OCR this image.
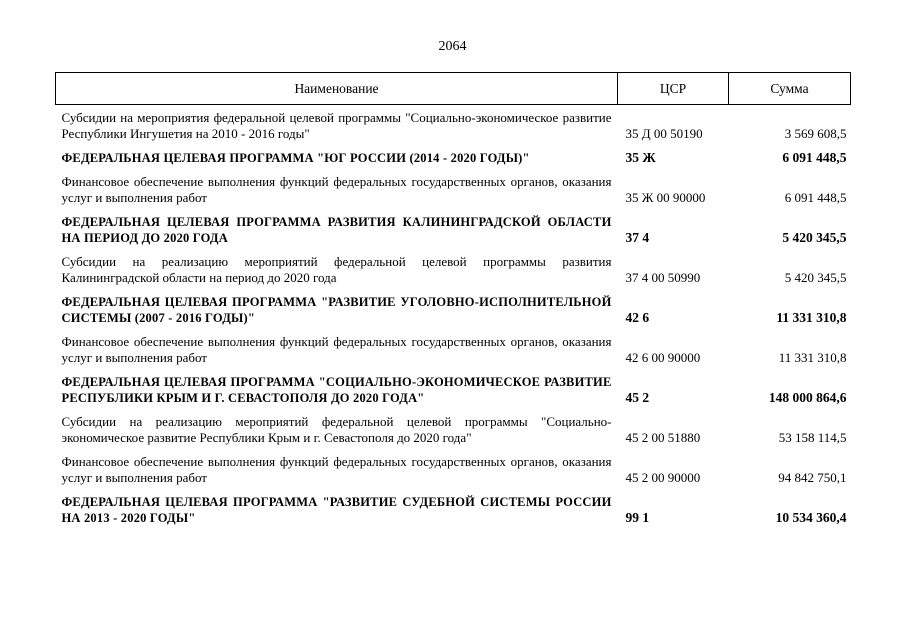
2064
Наименование	ЦСР	Сумма
Субсидии на мероприятия федеральной целевой программы "Социально-экономическое развитие Республики Ингушетия на 2010 - 2016 годы"	35 Д 00 50190	3 569 608,5
ФЕДЕРАЛЬНАЯ ЦЕЛЕВАЯ ПРОГРАММА "ЮГ РОССИИ (2014 - 2020 ГОДЫ)"	35 Ж	6 091 448,5
Финансовое обеспечение выполнения функций федеральных государственных органов, оказания услуг и выполнения работ	35 Ж 00 90000	6 091 448,5
ФЕДЕРАЛЬНАЯ ЦЕЛЕВАЯ ПРОГРАММА РАЗВИТИЯ КАЛИНИНГРАДСКОЙ ОБЛАСТИ НА ПЕРИОД ДО 2020 ГОДА	37 4	5 420 345,5
Субсидии на реализацию мероприятий федеральной целевой программы развития Калининградской области на период до 2020 года	37 4 00 50990	5 420 345,5
ФЕДЕРАЛЬНАЯ ЦЕЛЕВАЯ ПРОГРАММА "РАЗВИТИЕ УГОЛОВНО-ИСПОЛНИТЕЛЬНОЙ СИСТЕМЫ (2007 - 2016 ГОДЫ)"	42 6	11 331 310,8
Финансовое обеспечение выполнения функций федеральных государственных органов, оказания услуг и выполнения работ	42 6 00 90000	11 331 310,8
ФЕДЕРАЛЬНАЯ ЦЕЛЕВАЯ ПРОГРАММА "СОЦИАЛЬНО-ЭКОНОМИЧЕСКОЕ РАЗВИТИЕ РЕСПУБЛИКИ КРЫМ И Г. СЕВАСТОПОЛЯ ДО 2020 ГОДА"	45 2	148 000 864,6
Субсидии на реализацию мероприятий федеральной целевой программы "Социально-экономическое развитие Республики Крым и г. Севастополя до 2020 года"	45 2 00 51880	53 158 114,5
Финансовое обеспечение выполнения функций федеральных государственных органов, оказания услуг и выполнения работ	45 2 00 90000	94 842 750,1
ФЕДЕРАЛЬНАЯ ЦЕЛЕВАЯ ПРОГРАММА "РАЗВИТИЕ СУДЕБНОЙ СИСТЕМЫ РОССИИ НА 2013 - 2020 ГОДЫ"	99 1	10 534 360,4
